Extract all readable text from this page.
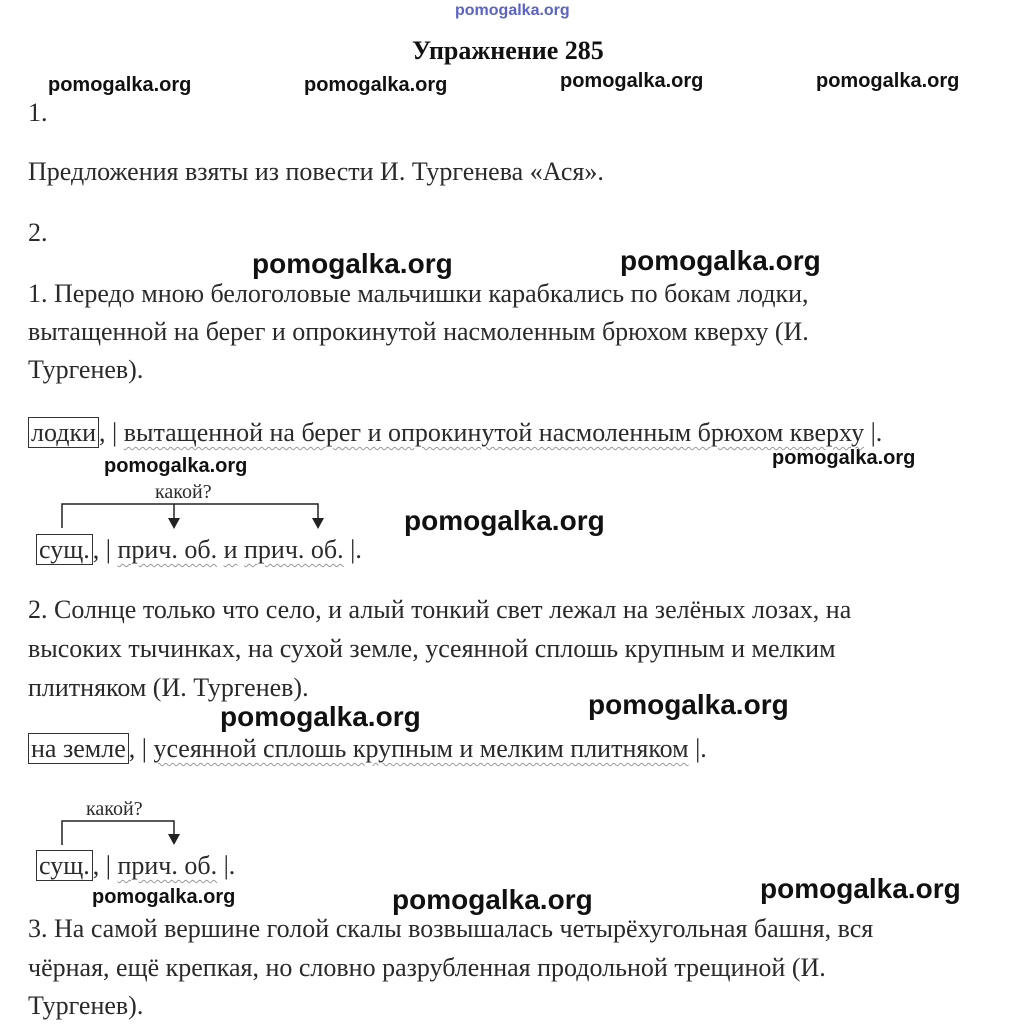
pomogalka.org
pomogalka.org	pomogalka.org	pomogalka.org	pomogalka.org
pomogalka.org	pomogalka.org
pomogalka.org	pomogalka.org
pomogalka.org
pomogalka.org	pomogalka.org
pomogalka.org	pomogalka.org	pomogalka.org
Упражнение 285
1.
Предложения взяты из повести И. Тургенева «Ася».
2.
1. Передо мною белоголовые мальчишки карабкались по бокам лодки,
вытащенной на берег и опрокинутой насмоленным брюхом кверху (И.
Тургенев).
лодки , | вытащенной на берег и опрокинутой насмоленным брюхом кверху |.
какой?
сущ. , | прич. об. и прич. об. |.
2. Солнце только что село, и алый тонкий свет лежал на зелёных лозах, на
высоких тычинках, на сухой земле, усеянной сплошь крупным и мелким
плитняком (И. Тургенев).
на земле , | усеянной сплошь крупным и мелким плитняком |.
какой?
сущ. , | прич. об. |.
3. На самой вершине голой скалы возвышалась четырёхугольная башня, вся
чёрная, ещё крепкая, но словно разрубленная продольной трещиной (И.
Тургенев).
